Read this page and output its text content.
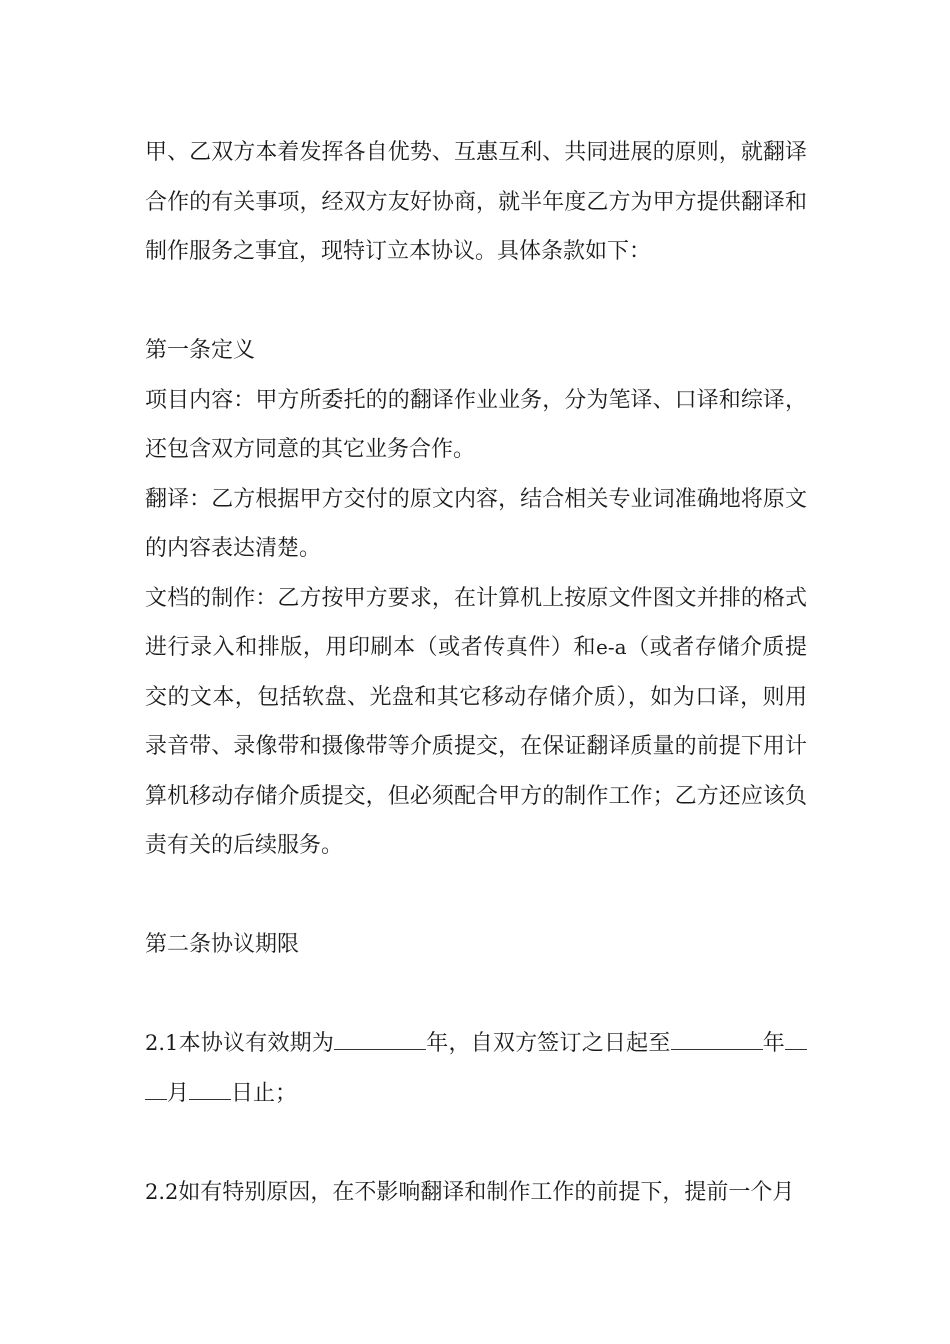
甲、乙双方本着发挥各自优势、互惠互利、共同进展的原则，就翻译合作的有关事项，经双方友好协商，就半年度乙方为甲方提供翻译和制作服务之事宜，现特订立本协议。具体条款如下：

第一条定义

项目内容：甲方所委托的的翻译作业业务，分为笔译、口译和综译，还包含双方同意的其它业务合作。

翻译：乙方根据甲方交付的原文内容，结合相关专业词准确地将原文的内容表达清楚。

文档的制作：乙方按甲方要求，在计算机上按原文件图文并排的格式进行录入和排版，用印刷本（或者传真件）和e-a（或者存储介质提交的文本，包括软盘、光盘和其它移动存储介质），如为口译，则用录音带、录像带和摄像带等介质提交，在保证翻译质量的前提下用计算机移动存储介质提交，但必须配合甲方的制作工作；乙方还应该负责有关的后续服务。

第二条协议期限

2.1本协议有效期为	年，自双方签订之日起至	年月 日止；

2.2如有特别原因，在不影响翻译和制作工作的前提下，提前一个月
